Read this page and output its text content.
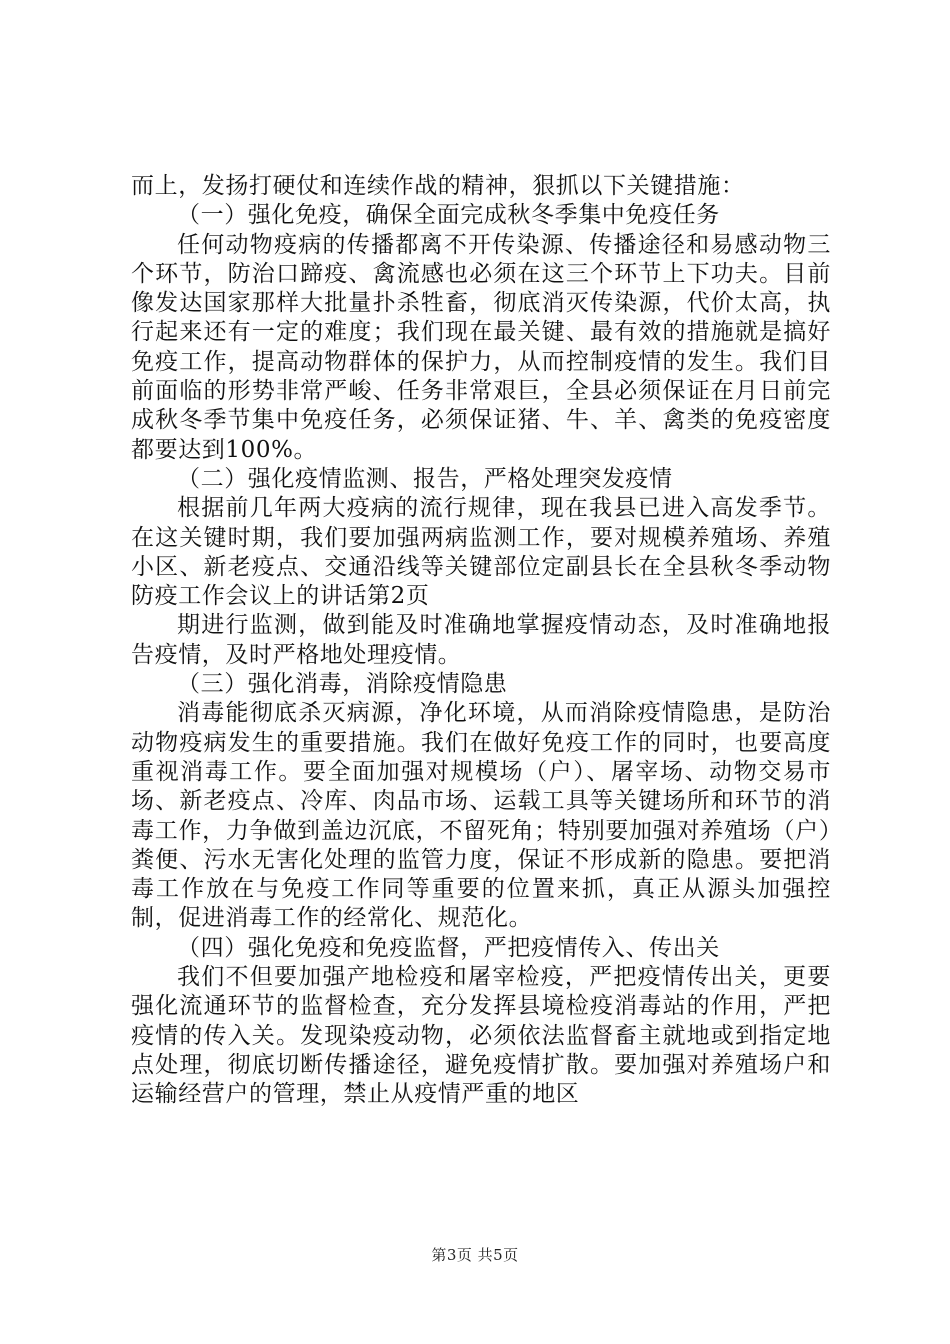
而上，发扬打硬仗和连续作战的精神，狠抓以下关键措施：

（一）强化免疫，确保全面完成秋冬季集中免疫任务

任何动物疫病的传播都离不开传染源、传播途径和易感动物三个环节，防治口蹄疫、禽流感也必须在这三个环节上下功夫。目前像发达国家那样大批量扑杀牲畜，彻底消灭传染源，代价太高，执行起来还有一定的难度；我们现在最关键、最有效的措施就是搞好免疫工作，提高动物群体的保护力，从而控制疫情的发生。我们目前面临的形势非常严峻、任务非常艰巨，全县必须保证在月日前完成秋冬季节集中免疫任务，必须保证猪、牛、羊、禽类的免疫密度都要达到100%。

（二）强化疫情监测、报告，严格处理突发疫情

根据前几年两大疫病的流行规律，现在我县已进入高发季节。在这关键时期，我们要加强两病监测工作，要对规模养殖场、养殖小区、新老疫点、交通沿线等关键部位定副县长在全县秋冬季动物防疫工作会议上的讲话第2页

期进行监测，做到能及时准确地掌握疫情动态，及时准确地报告疫情，及时严格地处理疫情。

（三）强化消毒，消除疫情隐患

消毒能彻底杀灭病源，净化环境，从而消除疫情隐患，是防治动物疫病发生的重要措施。我们在做好免疫工作的同时，也要高度重视消毒工作。要全面加强对规模场（户）、屠宰场、动物交易市场、新老疫点、冷库、肉品市场、运载工具等关键场所和环节的消毒工作，力争做到盖边沉底，不留死角；特别要加强对养殖场（户）粪便、污水无害化处理的监管力度，保证不形成新的隐患。要把消毒工作放在与免疫工作同等重要的位置来抓，真正从源头加强控制，促进消毒工作的经常化、规范化。

（四）强化免疫和免疫监督，严把疫情传入、传出关

我们不但要加强产地检疫和屠宰检疫，严把疫情传出关，更要强化流通环节的监督检查，充分发挥县境检疫消毒站的作用，严把疫情的传入关。发现染疫动物，必须依法监督畜主就地或到指定地点处理，彻底切断传播途径，避免疫情扩散。要加强对养殖场户和运输经营户的管理，禁止从疫情严重的地区

第3页 共5页
